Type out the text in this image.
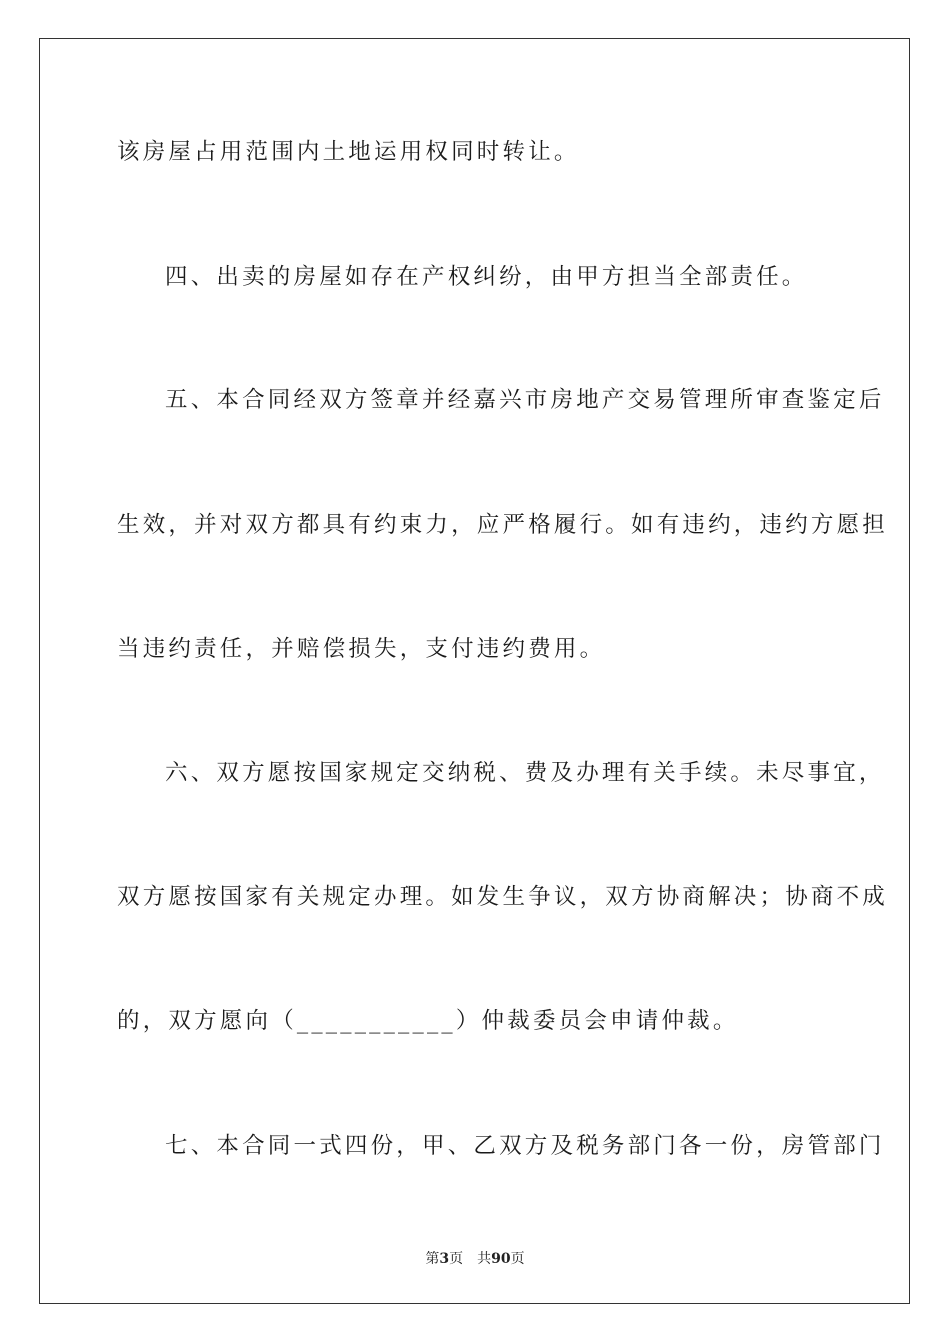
该房屋占用范围内土地运用权同时转让。
四、出卖的房屋如存在产权纠纷，由甲方担当全部责任。
五、本合同经双方签章并经嘉兴市房地产交易管理所审查鉴定后
生效，并对双方都具有约束力，应严格履行。如有违约，违约方愿担
当违约责任，并赔偿损失，支付违约费用。
六、双方愿按国家规定交纳税、费及办理有关手续。未尽事宜，
双方愿按国家有关规定办理。如发生争议，双方协商解决；协商不成
的，双方愿向（___________）仲裁委员会申请仲裁。
七、本合同一式四份，甲、乙双方及税务部门各一份，房管部门
第3页 共90页
